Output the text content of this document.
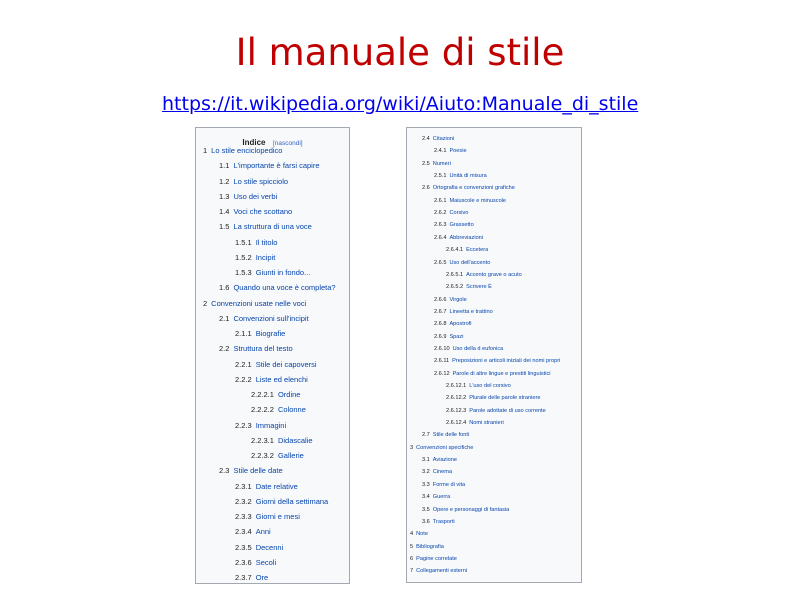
Il manuale di stile
https://it.wikipedia.org/wiki/Aiuto:Manuale_di_stile
Indice [nascondi]
1 Lo stile enciclopedico
1.1 L'importante è farsi capire
1.2 Lo stile spicciolo
1.3 Uso dei verbi
1.4 Voci che scottano
1.5 La struttura di una voce
1.5.1 Il titolo
1.5.2 Incipit
1.5.3 Giunti in fondo...
1.6 Quando una voce è completa?
2 Convenzioni usate nelle voci
2.1 Convenzioni sull'incipit
2.1.1 Biografie
2.2 Struttura del testo
2.2.1 Stile dei capoversi
2.2.2 Liste ed elenchi
2.2.2.1 Ordine
2.2.2.2 Colonne
2.2.3 Immagini
2.2.3.1 Didascalie
2.2.3.2 Gallerie
2.3 Stile delle date
2.3.1 Date relative
2.3.2 Giorni della settimana
2.3.3 Giorni e mesi
2.3.4 Anni
2.3.5 Decenni
2.3.6 Secoli
2.3.7 Ore
2.4 Citazioni
2.4.1 Poesie
2.5 Numeri
2.5.1 Unità di misura
2.6 Ortografia e convenzioni grafiche
2.6.1 Maiuscole e minuscole
2.6.2 Corsivo
2.6.3 Grassetto
2.6.4 Abbreviazioni
2.6.4.1 Eccetera
2.6.5 Uso dell'accento
2.6.5.1 Accento grave o acuto
2.6.5.2 Scrivere È
2.6.6 Virgole
2.6.7 Lineetta e trattino
2.6.8 Apostrofi
2.6.9 Spazi
2.6.10 Uso della d eufonica
2.6.11 Preposizioni e articoli iniziali dei nomi propri
2.6.12 Parole di altre lingue e prestiti linguistici
2.6.12.1 L'uso del corsivo
2.6.12.2 Plurale delle parole straniere
2.6.12.3 Parole adottate di uso corrente
2.6.12.4 Nomi stranieri
2.7 Stile delle fonti
3 Convenzioni specifiche
3.1 Aviazione
3.2 Cinema
3.3 Forme di vita
3.4 Guerra
3.5 Opere e personaggi di fantasia
3.6 Trasporti
4 Note
5 Bibliografia
6 Pagine correlate
7 Collegamenti esterni
